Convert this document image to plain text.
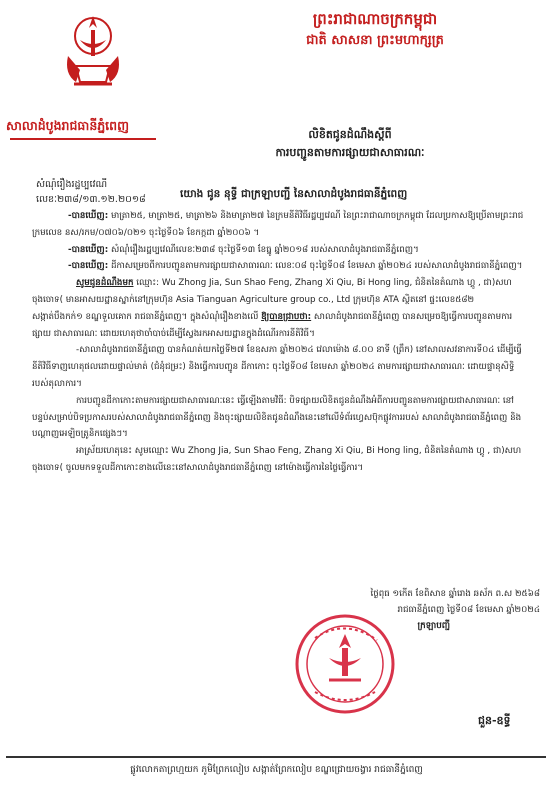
ព្រះរាជាណាចក្រកម្ពុជា
ជាតិ សាសនា ព្រះមហាក្សត្រ
សាលាដំបូងរាជធានីភ្នំពេញ
លិខិតជូនដំណឹងស្តីពី
ការបញ្ជូនតាមការផ្សាយជាសាធារណៈ
សំណុំរឿងរដ្ឋប្បវេណី
លេខៈ២៣៨/១៣.១២.២០១៨	យោង ជូន នុទ្ធី ជាក្រឡាបញ្ជី នៃសាលាដំបូងរាជធានីភ្នំពេញ

-បានឃើញ: មាត្រា២៥, មាត្រា២៥, មាត្រា២៦ និងមាត្រា២៧ នៃក្រមនីតិវិធីរដ្ឋប្បវេណី នៃព្រះរាជាណាចក្រកម្ពុជា ដែលប្រកាសឱ្យប្រើតាមព្រះរាជក្រមលេខ នស/រកម/០៧០៦/០២១ ចុះថ្ងៃទី០៦ ខែកក្កដា ឆ្នាំ២០០៦ ។

-បានឃើញ: សំណុំរឿងរដ្ឋប្បវេណីលេខៈ២៣៨ ចុះថ្ងៃទី១៣ ខែធ្នូ ឆ្នាំ២០១៨ របស់សាលាដំបូងរាជធានីភ្នំពេញ។

-បានឃើញ: ដីកាសម្រេចពីការបញ្ជូនតាមការផ្សាយជាសាធារណៈ លេខៈ០៨ ចុះថ្ងៃទី០៨ ខែមេសា ឆ្នាំ២០២៤ របស់សាលាដំបូងរាជធានីភ្នំពេញ។

សូមជូនដំណឹងមក ឈ្មោះ: Wu Zhong Jia, Sun Shao Feng, Zhang Xi Qiu, Bi Hong ling, ជំនិតនៃតំណាង ហ្គូ , ជា)សហចុងចោទ( មានអាសយដ្ឋានស្នាក់នៅក្រុមហ៊ុន Asia Tianguan Agriculture group co., Ltd ក្រុមហ៊ុន ATA ស្ថិតនៅ ផ្ទះលេខ៥៨២ សង្កាត់បឹងកក់១ ខណ្ឌទួលគោក រាជធានីភ្នំពេញ។ ក្នុងសំណុំរឿងខាងលើ ឱ្យបានជ្រាបថា: សាលាដំបូងរាជធានីភ្នំពេញ បានសម្រេចឱ្យធ្វើការបញ្ជូនតាមការផ្សាយ ជាសាធារណៈ ដោយហេតុថាចាំបាច់ដើម្បីស្វែងរកអាសយដ្ឋានក្នុងដំណើរការនីតិវិធី។

-សាលាដំបូងរាជធានីភ្នំពេញ បានកំណត់យកថ្ងៃទី២៧ ខែឧសភា ឆ្នាំ២០២៤ វេលាម៉ោង ៨.០០ នាទី (ព្រឹក) នៅសាលសវនាការទី០៤ ដើម្បីធ្វើនីតិវិធីទាញហេតុផលដោយផ្ទាល់មាត់ (ជំនុំជម្រះ) និងធ្វើការបញ្ជូន ដីកាកោះ ចុះថ្ងៃទី០៨ ខែមេសា ឆ្នាំ២០២៤ តាមការផ្សាយជាសាធារណៈ ដោយផ្ទានុសិទ្ធិរបស់តុលាការ។

ការបញ្ជូនដីកាកោះតាមការផ្សាយជាសាធារណៈនេះ ធ្វើឡើងតាមវិធី: បិទផ្សាយលិខិតជូនដំណឹងអំពីការបញ្ជូនតាមការផ្សាយជាសាធារណៈ នៅបន្ទប់សម្រាប់បិទប្រកាសរបស់សាលាដំបូងរាជធានីភ្នំពេញ និងចុះផ្សាយលិខិតជូនដំណឹងនេះនៅលើទំព័រហ្វេសប៊ុកផ្លូវការរបស់ សាលាដំបូងរាជធានីភ្នំពេញ និងបណ្តាញអេឡិចត្រូនិកផ្សេងៗ។

អាស្រ័យហេតុនេះ សូមឈ្មោះ Wu Zhong Jia, Sun Shao Feng, Zhang Xi Qiu, Bi Hong ling, ជំនិតនៃតំណាង ហ្គូ , ជា)សហចុងចោទ( ចូលមកទទួលដីកាកោះខាងលើនេះនៅសាលាដំបូងរាជធានីភ្នំពេញ នៅម៉ោងធ្វើការនៃថ្ងៃធ្វើការ។

ថ្ងៃពុធ ១កើត ខែពិសាខ ឆ្នាំរោង ឆស័ក ព.ស ២៥៦៨
រាជធានីភ្នំពេញ ថ្ងៃទី០៨ ខែមេសា ឆ្នាំ២០២៤
ក្រឡាបញ្ជី
ជួន-ឧទ្ធី
ផ្លូវលោកតាព្រហ្មយក ភូមិព្រែកលៀប សង្កាត់ព្រែកលៀប ខណ្ឌជ្រោយចង្វារ រាជធានីភ្នំពេញ
